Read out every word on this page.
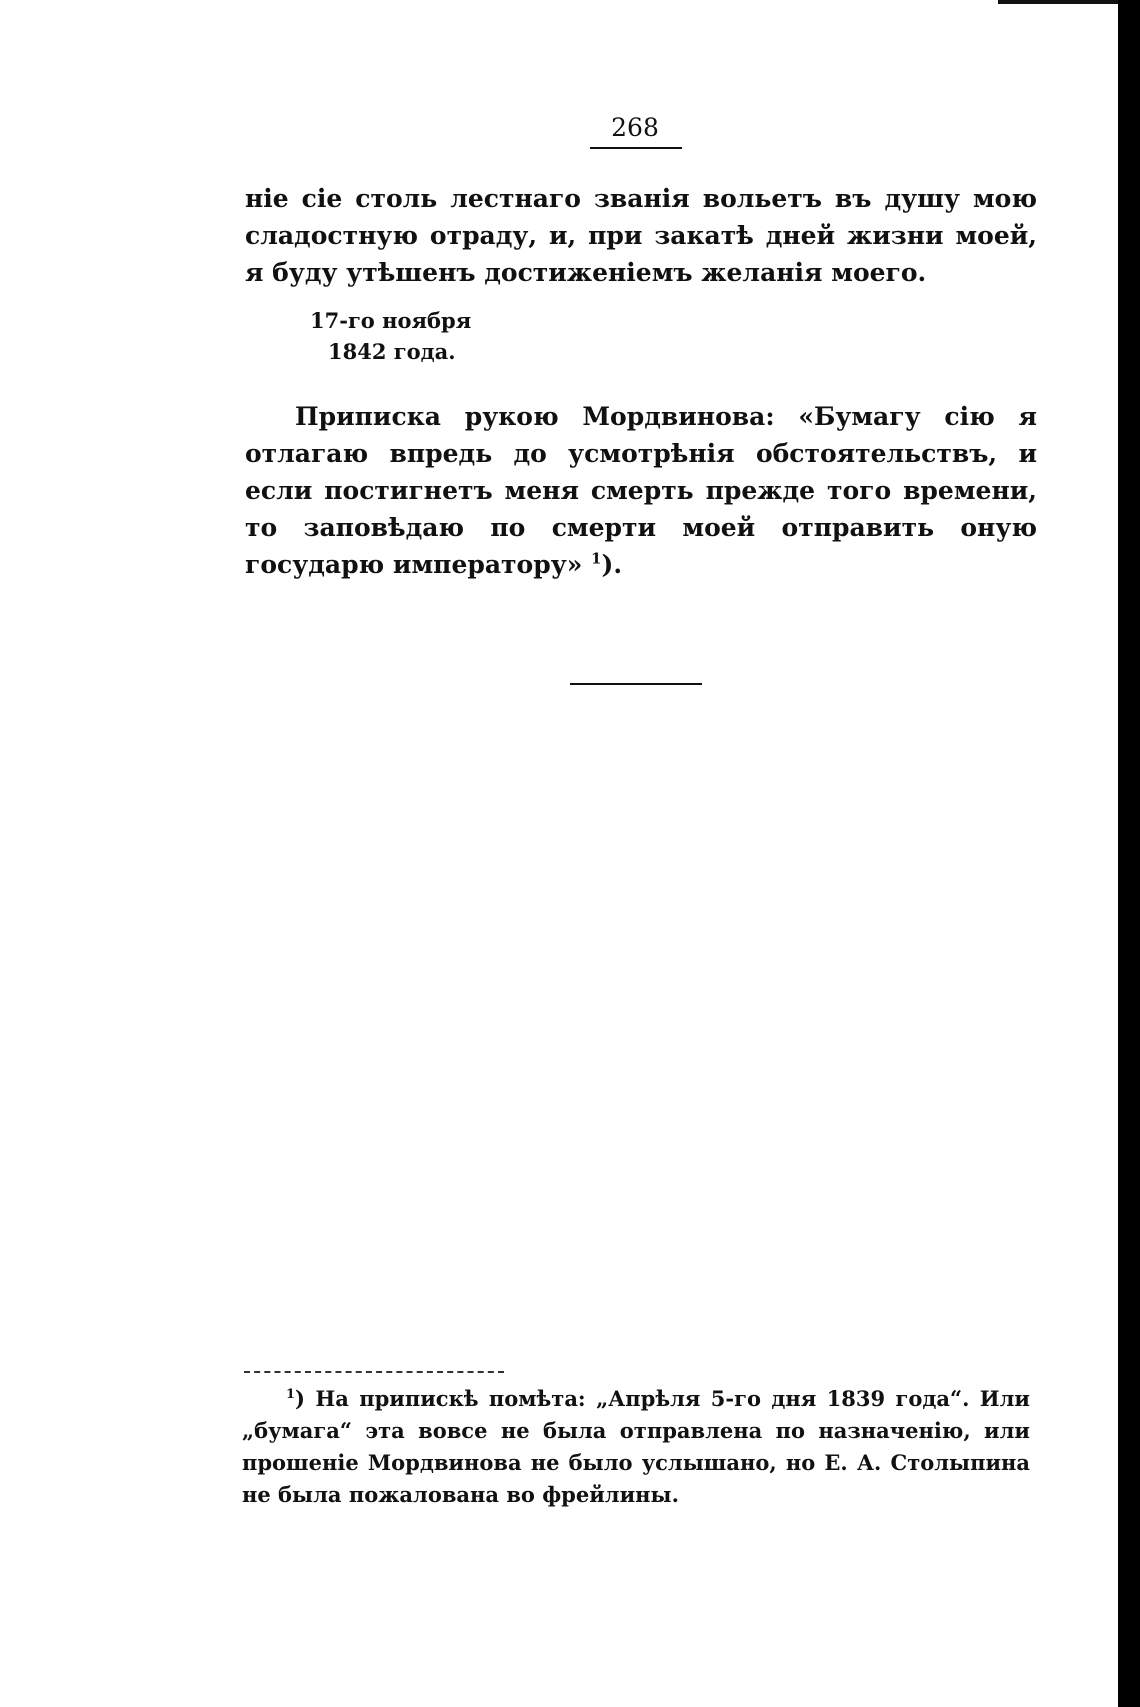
268
ніе сіе столь лестнаго званія вольетъ въ душу мою сладостную отраду, и, при закатѣ дней жизни моей, я буду утѣшенъ достиженіемъ желанія моего.
17-го ноября
1842 года.
Приписка рукою Мордвинова: «Бумагу сію я отлагаю впредь до усмотрѣнія обстоятельствъ, и если постигнетъ меня смерть прежде того времени, то заповѣдаю по смерти моей отправить оную государю императору» $^1$).
$^1$) На припискѣ помѣта: „Апрѣля 5-го дня 1839 года“. Или „бумага“ эта вовсе не была отправлена по назначенію, или прошеніе Мордвинова не было услышано, но Е. А. Столыпина не была пожалована во фрейлины.
